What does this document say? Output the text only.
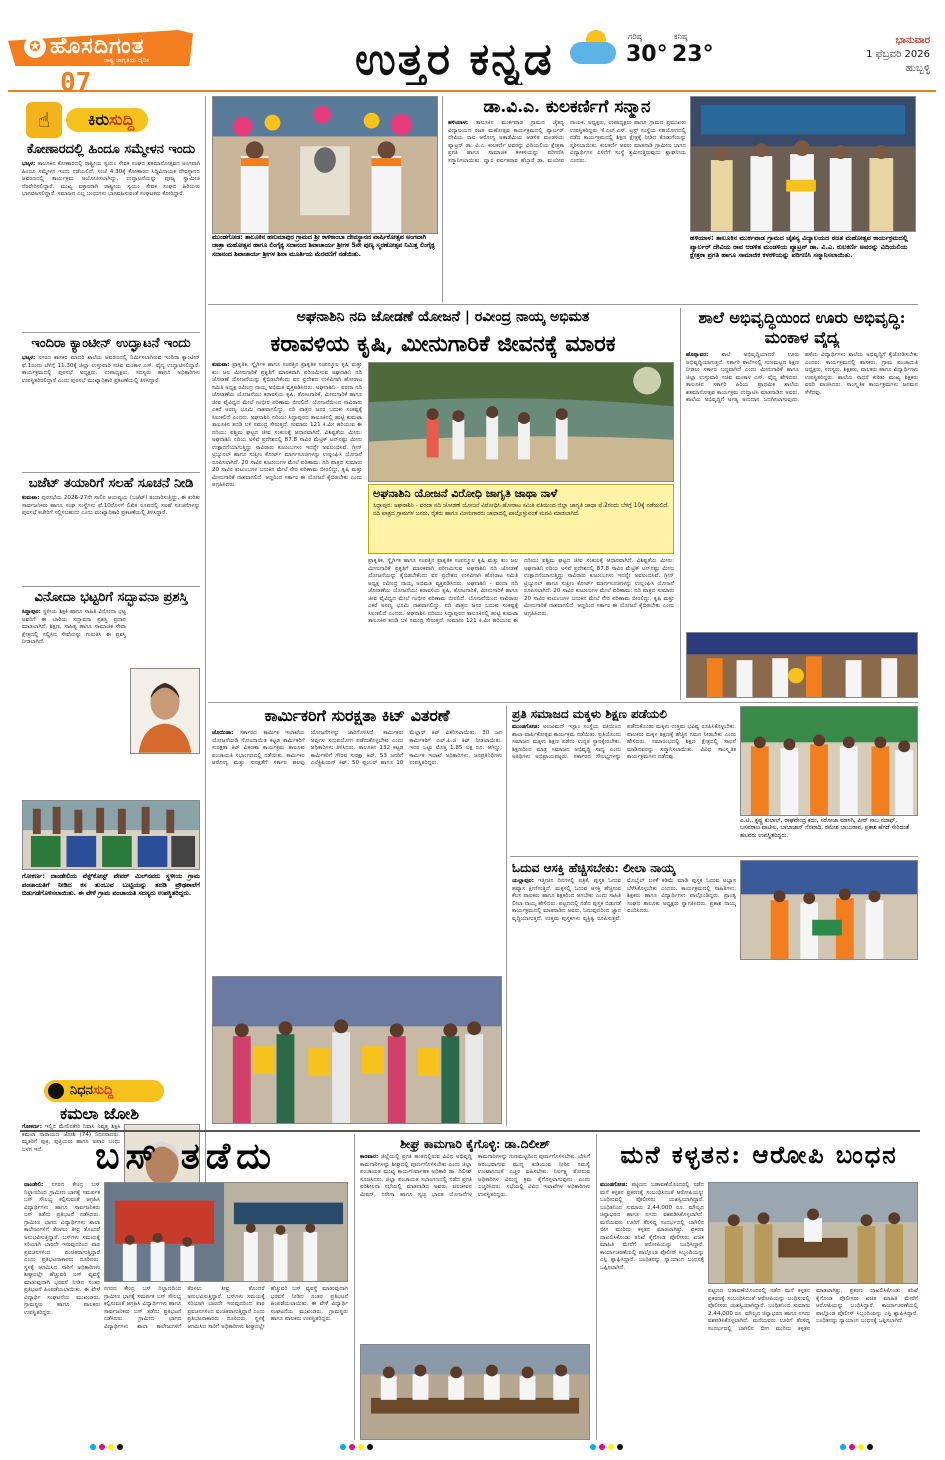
✪ ಹೊಸದಿಗಂತ
ರಾಷ್ಟ್ರ ಜಾಗೃತಿಯ ದೈನಿಕ
07	ಉತ್ತರ ಕನ್ನಡ	ಗರಿಷ್ಠ
30°
ಕನಿಷ್ಠ
23°
ಭಾನುವಾರ
1 ಫೆಬ್ರವರಿ 2026
ಹುಬ್ಬಳ್ಳಿ
☝	ಕಿರುಸುದ್ದಿ
ಕೋಣಾರದಲ್ಲಿ ಹಿಂದೂ ಸಮ್ಮೇಳನ ಇಂದು
ಭಟ್ಕಳ: ತಾಲೂಕಿನ ಕೋಣಾರದಲ್ಲಿ ರಾಷ್ಟ್ರೀಯ ಸ್ವಯಂ ಸೇವಕ ಸಂಘದ ಶತಮಾನೋತ್ಸವದ ಅಂಗವಾಗಿ ಹಿಂದೂ ಸಮ್ಮೇಳನ ಇಂದು ನಡೆಯಲಿದೆ. ಸಂಜೆ 4.30ಕ್ಕೆ ಕೋಣಾರದ ಸಿದ್ದಿವಿನಾಯಕ ದೇವಸ್ಥಾನದ ಆವರಣದಲ್ಲಿ ಕಾರ್ಯಕ್ರಮ ಆಯೋಜಿಸಲಾಗಿದ್ದು, ಉದ್ಘಾಟನೆಯನ್ನು ಪೂಜ್ಯ ಸ್ವಾಮೀಜಿ ನೆರವೇರಿಸಲಿದ್ದಾರೆ. ಮುಖ್ಯ ವಕ್ತಾರರಾಗಿ ರಾಷ್ಟ್ರೀಯ ಸ್ವಯಂ ಸೇವಕ ಸಂಘದ ಹಿರಿಯರು ಭಾಗವಹಿಸಲಿದ್ದಾರೆ. ಸಮಾಜದ ಎಲ್ಲ ಬಂಧುಗಳು ಭಾಗವಹಿಸುವಂತೆ ಸಂಘಟಕರು ಕೋರಿದ್ದಾರೆ.
ಇಂದಿರಾ ಕ್ಯಾಂಟೀನ್ ಉದ್ಘಾಟನೆ ಇಂದು
ಭಟ್ಕಳ: ನಗರದ ಶಾಸಕರ ಮಾದರಿ ಶಾಲೆಯ ಆವರಣದಲ್ಲಿ ನಿರ್ಮಿಸಲಾಗಿರುವ ಇಂದಿರಾ ಕ್ಯಾಂಟೀನ್ ಫೆ.1ರಂದು ಬೆಳಿಗ್ಗೆ 11.30ಕ್ಕೆ ಜಿಲ್ಲಾ ಉಸ್ತುವಾರಿ ಸಚಿವ ಮಂಕಾಳ ಎಸ್. ವೈದ್ಯ ಉದ್ಘಾಟಿಸಲಿದ್ದಾರೆ. ಕಾರ್ಯಕ್ರಮದಲ್ಲಿ ಪುರಸಭೆ ಅಧ್ಯಕ್ಷರು, ಉಪಾಧ್ಯಕ್ಷರು, ಸದಸ್ಯರು ಹಾಗೂ ಅಧಿಕಾರಿಗಳು ಉಪಸ್ಥಿತರಿರಲಿದ್ದಾರೆ ಎಂದು ಪುರಸಭೆ ಮುಖ್ಯಾಧಿಕಾರಿ ಪ್ರಕಟಣೆಯಲ್ಲಿ ತಿಳಿಸಿದ್ದಾರೆ.
ಬಜೆಟ್ ತಯಾರಿಗೆ ಸಲಹೆ ಸೂಚನೆ ನೀಡಿ
ಕುಮಟಾ: ಪುರಸಭೆಯ 2026-27ನೇ ಸಾಲಿನ ಆಯವ್ಯಯ (ಬಜೆಟ್) ತಯಾರಿಸುತ್ತಿದ್ದು, ಈ ಕುರಿತು ಸಾರ್ವಜನಿಕರು ಹಾಗೂ ಸಂಘ ಸಂಸ್ಥೆಗಳು ಫೆ.10ರೊಳಗೆ ಲಿಖಿತ ರೂಪದಲ್ಲಿ ಸಲಹೆ ಸೂಚನೆಗಳನ್ನು ಪುರಸಭೆ ಕಚೇರಿಗೆ ಸಲ್ಲಿಸಬಹುದು ಎಂದು ಮುಖ್ಯಾಧಿಕಾರಿ ಪ್ರಕಟಣೆಯಲ್ಲಿ ತಿಳಿಸಿದ್ದಾರೆ.
ವಿನೋದಾ ಭಟ್ಟರಿಗೆ ಸದ್ಭಾವನಾ ಪ್ರಶಸ್ತಿ
ಸಿದ್ದಾಪುರ: ಸ್ಥಳೀಯ ಶಿಕ್ಷಕಿ ಹಾಗೂ ಸಾಹಿತಿ ವಿನೋದಾ ಭಟ್ಟ ಅವರಿಗೆ ಈ ಬಾರಿಯ ಸದ್ಭಾವನಾ ಪ್ರಶಸ್ತಿ ಪ್ರದಾನ ಮಾಡಲಾಗಿದೆ. ಶಿಕ್ಷಣ, ಸಾಹಿತ್ಯ ಹಾಗೂ ಸಾಮಾಜಿಕ ಸೇವಾ ಕ್ಷೇತ್ರದಲ್ಲಿ ಸಲ್ಲಿಸಿದ ಸೇವೆಯನ್ನು ಗುರುತಿಸಿ ಈ ಪ್ರಶಸ್ತಿ ನೀಡಲಾಗಿದೆ.
ಗೋಕರ್ಣ: ದಾಂಡೇಲಿಯ ವೆಸ್ಟ್‌ಕೋಸ್ಟ್ ಪೇಪರ್ ಮಿಲ್‌ನವರು ಸ್ಥಳೀಯ ಗ್ರಾಮ ಪಂಚಾಯತಿಗೆ ನೀಡಿದ ಕಸ ತುಂಬುವ ಬುಟ್ಟಿಯನ್ನು ತದಡಿ ಪ್ರೌಢಶಾಲೆಗೆ ಬಿಡುಗಡೆಗೊಳಿಸಲಾಯಿತು. ಈ ವೇಳೆ ಗ್ರಾಮ ಪಂಚಾಯತಿ ಸದಸ್ಯರು ಉಪಸ್ಥಿತರಿದ್ದರು.
ನಿಧನಸುದ್ದಿ
ಕಮಲಾ ಜೋಶಿ
ಗೋಕರ್ಣ: ಇಲ್ಲಿನ ಮೇಲಿನಕೇರಿ ನಿವಾಸಿ ನಿವೃತ್ತ ಶಿಕ್ಷಕಿ ಕಮಲಾ ನಾರಾಯಣ ಜೋಶಿ (74) ನಿಧನರಾದರು. ಮೃತರಿಗೆ ಪುತ್ರ, ಪುತ್ರಿಯರು ಹಾಗೂ ಅಪಾರ ಬಂಧು ಬಳಗ ಇದೆ.
ಮುಂಡಗೋಡ: ತಾಲೂಕಿನ ಹನುಮಾಪುರ ಗ್ರಾಮದ ಶ್ರೀ ಕಾಳಿಕಾಂಬಾ ದೇವಸ್ಥಾನದ ವಾರ್ಷಿಕೋತ್ಸವ ಅಂಗವಾಗಿ ಜಾತ್ರಾ ಮಹೋತ್ಸವ ಹಾಗೂ ಲಿಂಗೈಕ್ಯ ಸದಾನಂದ ಶಿವಾಚಾರ್ಯ ಶ್ರೀಗಳ 5ನೇ ಪುಣ್ಯ ಸ್ಮರಣೋತ್ಸವ ನಿಮಿತ್ತ ಲಿಂಗೈಕ್ಯ ಸದಾನಂದ ಶಿವಾಚಾರ್ಯ ಶ್ರೀಗಳ ಶಿಲಾ ಮೂರ್ತಿಯ ಮೆರವಣಿಗೆ ನಡೆಯಿತು.
ಡಾ.ವಿ.ಎ. ಕುಲಕರ್ಣಿಗೆ ಸನ್ಮಾನ
ಹಳಿಯಾಳ: ತಾಲೂಕಿನ ಮುರ್ಕವಾಡ ಗ್ರಾಮದ ಚೈತನ್ಯ ವಿದ್ಯಾಲಯದ ರಜತ ಮಹೋತ್ಸವ ಕಾರ್ಯಕ್ರಮದಲ್ಲಿ ಪ್ಯಾರ್ಲರ್ ದೇವಿಯ ರಾವ ಆರೋಗ್ಯ ಅಕಾಡೆಮಿಯ ಆಡಳಿತ ಮಂಡಳಿಯ ಪ್ಯಾಟ್ರನ್ ಡಾ. ವಿ.ಎ. ಕುಲಕರ್ಣಿ ಅವರನ್ನು ವಿದಿಯಲಿಯ ಕ್ಷೇತ್ರಕಾ ಪ್ರಗತಿ ಹಾಗೂ ಸಾಮಾಜಿಕ ಕಳಕಳಿಯನ್ನು ಪರಿಗಣಿಸಿ ಸನ್ಮಾನಿಸಲಾಯಿತು. ದ್ವಾರ ಪರ್ವತರಾವ ಹೆಬ್ಬಾರೆ ಡಾ. ಮಂದೀಪ ನಾಯಕ, ಅಧ್ಯಕ್ಷರು, ಉಪಾಧ್ಯಕ್ಷರು ಹಾಗೂ ಗ್ರಾಮದ ಪ್ರಮುಖರು ಉಪಸ್ಥಿತರಿದ್ದರು. ಕೆ.ಎಲ್.ಎಸ್. ಟ್ರಸ್ಟ್ ಸಂಸ್ಥೆಯ ಸಹಯೋಗದಲ್ಲಿ ನಡೆದ ಕಾರ್ಯಕ್ರಮದಲ್ಲಿ ಶಿಕ್ಷಣ ಕ್ಷೇತ್ರಕ್ಕೆ ನೀಡಿದ ಕೊಡುಗೆಯನ್ನು ಸ್ಮರಿಸಲಾಯಿತು. ಕುಲಕರ್ಣಿ ಅವರು ಮಾತನಾಡಿ ಗ್ರಾಮೀಣ ಭಾಗದ ವಿದ್ಯಾರ್ಥಿಗಳ ಏಳಿಗೆಗೆ ಸಂಸ್ಥೆ ಶ್ರಮಿಸುತ್ತಿರುವುದು ಶ್ಲಾಘನೀಯ ಎಂದರು.
ಹಳಿಯಾಳ: ತಾಲೂಕಿನ ಮುರ್ಕವಾಡ ಗ್ರಾಮದ ಚೈತನ್ಯ ವಿದ್ಯಾಲಯದ ರಜತ ಮಹೋತ್ಸವ ಕಾರ್ಯಕ್ರಮದಲ್ಲಿ ಪ್ಯಾರ್ಲರ್ ದೇವಿಯ ರಾವ ಆಡಳಿತ ಮಂಡಳಿಯ ಪ್ಯಾಟ್ರನ್ ಡಾ. ವಿ.ಎ. ಕುಲಕರ್ಣಿ ಅವರನ್ನು ವಿದಿಯಲಿಯ ಕ್ಷೇತ್ರಕಾ ಪ್ರಗತಿ ಹಾಗೂ ಸಾಮಾಜಿಕ ಕಳಕಳಿಯನ್ನು ಪರಿಗಣಿಸಿ ಸನ್ಮಾನಿಸಲಾಯಿತು.
ಅಘನಾಶಿನಿ ನದಿ ಜೋಡಣೆ ಯೋಜನೆ | ರವೀಂದ್ರ ನಾಯ್ಕ ಅಭಿಮತ
ಕರಾವಳಿಯ ಕೃಷಿ, ಮೀನುಗಾರಿಕೆ ಜೀವನಕ್ಕೆ ಮಾರಕ
ಕುಮಟಾ: ಪ್ರಾಕೃತಿಕ, ಸ್ನೈರ್ಗಿಕ ಹಾಗೂ ಸಂಪತ್ತಿನ ಪ್ರಾಕೃತಿಕ ಸಂಪನ್ಮೂಲ ಕೃಷಿ ಮತ್ತು ಕುಂ ಜಲ ಮೀನುಗಾರಿಕೆ ಪ್ರಕೃತಿಗೆ ಮಾರಕವಾಗಿ ಪರಿಣಮಿಸುವ ಅಘನಾಶಿನಿ ನದಿ ಜೋಡಣೆ ಯೋಜನೆಯನ್ನು ಕೈಬಿಡಬೇಕೆಂದು ವನ ಪ್ರದೇಶದ ಉಳಿವಿಗಾಗಿ ಹೋರಾಟ ಸಮಿತಿ ಅಧ್ಯಕ್ಷ ರವೀಂದ್ರ ನಾಯ್ಕ ಅಭಿಮತ ವ್ಯಕ್ತಪಡಿಸಿದರು. ಅಘನಾಶಿನಿ - ವರದಾ ನದಿ ಜೋಡಣೆಯ ಯೋಜನೆಯು ಕರಾವಳಿಯ ಕೃಷಿ, ತೋಟಗಾರಿಕೆ, ಮೀನುಗಾರಿಕೆ ಹಾಗೂ ಜೀವ ವೈವಿಧ್ಯದ ಮೇಲೆ ಗಂಭೀರ ಪರಿಣಾಮ ಬೀರಲಿದೆ. ಯೋಜನೆಯಿಂದ ಸಾವಿರಾರು ಎಕರೆ ಅರಣ್ಯ ಭೂಮಿ ನಾಶವಾಗಲಿದ್ದು, ನದಿ ಪಾತ್ರದ ಜನರ ಬದುಕು ಸಂಕಷ್ಟಕ್ಕೆ ಸಿಲುಕಲಿದೆ ಎಂದರು. ಅಘನಾಶಿನಿ ನದಿಯು ಸಿದ್ದಾಪುರದ ತಾಲೂಕಿನಲ್ಲಿ ಹುಟ್ಟಿ ಕುಮಟಾ ತಾಲೂಕಿನ ತದಡಿ ಬಳಿ ಸಮುದ್ರ ಸೇರುತ್ತದೆ. ಸುಮಾರು 121 ಕಿ.ಮೀ ಹರಿಯುವ ಈ ನದಿಯು ಪಶ್ಚಿಮ ಘಟ್ಟದ ಜೀವ ಸಂಕುಲಕ್ಕೆ ಆಧಾರವಾಗಿದೆ. ವಿಶಿಷ್ಟತೆಯ ಮೀನು: ಅಘನಾಶಿನಿ ನದಿಯ ಅಳಿವೆ ಪ್ರದೇಶದಲ್ಲಿ 87.8 ಸಾವಿರ ಮೆಟ್ರಿಕ್ ಟನ್‌ನಷ್ಟು ಮೀನು ಉತ್ಪಾದನೆಯಾಗುತ್ತಿದ್ದು ಸಾವಿರಾರು ಕುಟುಂಬಗಳು ಇದನ್ನೇ ಅವಲಂಬಿಸಿವೆ. ಗ್ರೀನ್ ಟ್ರಿಬ್ಯುನಲ್ ಹಾಗೂ ಸುಪ್ರೀಂ ಕೋರ್ಟ್ ಮಾರ್ಗಸೂಚಿಗಳನ್ನು ಉಲ್ಲಂಘಿಸಿ ಯೋಜನೆ ರೂಪಿಸಲಾಗಿದೆ. 20 ಸಾವಿರ ಕುಟುಂಬಗಳ ಮೇಲೆ ಪರಿಣಾಮ: ನದಿ ಪಾತ್ರದ ಸುಮಾರು 20 ಸಾವಿರ ಕುಟುಂಬಗಳ ಬದುಕಿನ ಮೇಲೆ ನೇರ ಪರಿಣಾಮ ಬೀರಲಿದ್ದು, ಕೃಷಿ ಮತ್ತು ಮೀನುಗಾರಿಕೆ ನಾಶವಾಗಲಿದೆ. ಆದ್ದರಿಂದ ಸರ್ಕಾರ ಈ ಯೋಜನೆ ಕೈಬಿಡಬೇಕು ಎಂದು ಆಗ್ರಹಿಸಿದರು.
ಅಘನಾಶಿನಿ ಯೋಜನೆ ವಿರೋಧಿ ಜಾಗೃತಿ ಜಾಥಾ ನಾಳೆ
ಸಿದ್ದಾಪುರ: ಅಘನಾಶಿನಿ - ವರದಾ ನದಿ ಜೋಡಣೆ ಯೋಜನೆ ವಿರೋಧಿಸಿ ಹೋರಾಟ ಸಮಿತಿ ವತಿಯಿಂದ ಜಿಲ್ಲಾ ಜಾಗೃತಿ ಜಾಥಾ ಫೆ.2ರಂದು ಬೆಳಿಗ್ಗೆ 10ಕ್ಕೆ ನಡೆಯಲಿದೆ. ನದಿ ಪಾತ್ರದ ಗ್ರಾಮಗಳ ಜನರು, ರೈತರು ಹಾಗೂ ಮೀನುಗಾರರು ಜಾಥಾದಲ್ಲಿ ಪಾಲ್ಗೊಳ್ಳುವಂತೆ ಮನವಿ ಮಾಡಲಾಗಿದೆ.
ಪ್ರಾಕೃತಿಕ, ಸ್ನೈರ್ಗಿಕ ಹಾಗೂ ಸಂಪತ್ತಿನ ಪ್ರಾಕೃತಿಕ ಸಂಪನ್ಮೂಲ ಕೃಷಿ ಮತ್ತು ಕುಂ ಜಲ ಮೀನುಗಾರಿಕೆ ಪ್ರಕೃತಿಗೆ ಮಾರಕವಾಗಿ ಪರಿಣಮಿಸುವ ಅಘನಾಶಿನಿ ನದಿ ಜೋಡಣೆ ಯೋಜನೆಯನ್ನು ಕೈಬಿಡಬೇಕೆಂದು ವನ ಪ್ರದೇಶದ ಉಳಿವಿಗಾಗಿ ಹೋರಾಟ ಸಮಿತಿ ಅಧ್ಯಕ್ಷ ರವೀಂದ್ರ ನಾಯ್ಕ ಅಭಿಮತ ವ್ಯಕ್ತಪಡಿಸಿದರು. ಅಘನಾಶಿನಿ - ವರದಾ ನದಿ ಜೋಡಣೆಯ ಯೋಜನೆಯು ಕರಾವಳಿಯ ಕೃಷಿ, ತೋಟಗಾರಿಕೆ, ಮೀನುಗಾರಿಕೆ ಹಾಗೂ ಜೀವ ವೈವಿಧ್ಯದ ಮೇಲೆ ಗಂಭೀರ ಪರಿಣಾಮ ಬೀರಲಿದೆ. ಯೋಜನೆಯಿಂದ ಸಾವಿರಾರು ಎಕರೆ ಅರಣ್ಯ ಭೂಮಿ ನಾಶವಾಗಲಿದ್ದು, ನದಿ ಪಾತ್ರದ ಜನರ ಬದುಕು ಸಂಕಷ್ಟಕ್ಕೆ ಸಿಲುಕಲಿದೆ ಎಂದರು. ಅಘನಾಶಿನಿ ನದಿಯು ಸಿದ್ದಾಪುರದ ತಾಲೂಕಿನಲ್ಲಿ ಹುಟ್ಟಿ ಕುಮಟಾ ತಾಲೂಕಿನ ತದಡಿ ಬಳಿ ಸಮುದ್ರ ಸೇರುತ್ತದೆ. ಸುಮಾರು 121 ಕಿ.ಮೀ ಹರಿಯುವ ಈ ನದಿಯು ಪಶ್ಚಿಮ ಘಟ್ಟದ ಜೀವ ಸಂಕುಲಕ್ಕೆ ಆಧಾರವಾಗಿದೆ. ವಿಶಿಷ್ಟತೆಯ ಮೀನು: ಅಘನಾಶಿನಿ ನದಿಯ ಅಳಿವೆ ಪ್ರದೇಶದಲ್ಲಿ 87.8 ಸಾವಿರ ಮೆಟ್ರಿಕ್ ಟನ್‌ನಷ್ಟು ಮೀನು ಉತ್ಪಾದನೆಯಾಗುತ್ತಿದ್ದು ಸಾವಿರಾರು ಕುಟುಂಬಗಳು ಇದನ್ನೇ ಅವಲಂಬಿಸಿವೆ. ಗ್ರೀನ್ ಟ್ರಿಬ್ಯುನಲ್ ಹಾಗೂ ಸುಪ್ರೀಂ ಕೋರ್ಟ್ ಮಾರ್ಗಸೂಚಿಗಳನ್ನು ಉಲ್ಲಂಘಿಸಿ ಯೋಜನೆ ರೂಪಿಸಲಾಗಿದೆ. 20 ಸಾವಿರ ಕುಟುಂಬಗಳ ಮೇಲೆ ಪರಿಣಾಮ: ನದಿ ಪಾತ್ರದ ಸುಮಾರು 20 ಸಾವಿರ ಕುಟುಂಬಗಳ ಬದುಕಿನ ಮೇಲೆ ನೇರ ಪರಿಣಾಮ ಬೀರಲಿದ್ದು, ಕೃಷಿ ಮತ್ತು ಮೀನುಗಾರಿಕೆ ನಾಶವಾಗಲಿದೆ. ಆದ್ದರಿಂದ ಸರ್ಕಾರ ಈ ಯೋಜನೆ ಕೈಬಿಡಬೇಕು ಎಂದು ಆಗ್ರಹಿಸಿದರು.
ಶಾಲೆ ಅಭಿವೃದ್ಧಿಯಿಂದ ಊರು ಅಭಿವೃದ್ಧಿ: ಮಂಕಾಳ ವೈದ್ಯ
ಹೊನ್ನಾವರ: ಶಾಲೆ ಅಭಿವೃದ್ಧಿಯಾದರೆ ಊರು ಅಭಿವೃದ್ಧಿಯಾಗುತ್ತದೆ. ಸರ್ಕಾರಿ ಶಾಲೆಗಳಲ್ಲಿ ಗುಣಮಟ್ಟದ ಶಿಕ್ಷಣ ನೀಡಲು ಸರ್ಕಾರ ಬದ್ಧವಾಗಿದೆ ಎಂದು ಮೀನುಗಾರಿಕೆ ಹಾಗೂ ಜಿಲ್ಲಾ ಉಸ್ತುವಾರಿ ಸಚಿವ ಮಂಕಾಳ ಎಸ್. ವೈದ್ಯ ಹೇಳಿದರು. ತಾಲೂಕಿನ ಸರ್ಕಾರಿ ಹಿರಿಯ ಪ್ರಾಥಮಿಕ ಶಾಲೆಯ ಶತಮಾನೋತ್ಸವ ಕಾರ್ಯಕ್ರಮ ಉದ್ಘಾಟಿಸಿ ಮಾತನಾಡಿದ ಅವರು, ಶಾಲೆಯ ಅಭಿವೃದ್ಧಿಗೆ ಅಗತ್ಯ ಅನುದಾನ ಒದಗಿಸಲಾಗುವುದು. ಹಳೆಯ ವಿದ್ಯಾರ್ಥಿಗಳು ಶಾಲೆಯ ಅಭಿವೃದ್ಧಿಗೆ ಕೈಜೋಡಿಸಬೇಕು ಎಂದರು. ಕಾರ್ಯಕ್ರಮದಲ್ಲಿ ಶಾಸಕರು, ಗ್ರಾಮ ಪಂಚಾಯತಿ ಅಧ್ಯಕ್ಷರು, ಸದಸ್ಯರು, ಶಿಕ್ಷಕರು, ಪಾಲಕರು ಹಾಗೂ ವಿದ್ಯಾರ್ಥಿಗಳು ಉಪಸ್ಥಿತರಿದ್ದರು. ಶಾಲೆಯ ಸಾಧನೆ ಕುರಿತು ಮುಖ್ಯ ಶಿಕ್ಷಕರು ವರದಿ ವಾಚಿಸಿದರು. ಸಾಂಸ್ಕೃತಿಕ ಕಾರ್ಯಕ್ರಮಗಳು ಜನಮನ ಸೆಳೆದವು.
ಕಾರ್ಮಿಕರಿಗೆ ಸುರಕ್ಷತಾ ಕಿಟ್ ವಿತರಣೆ
ಜೊಯಿಡಾ: ಸರ್ಕಾರದ ಕಾರ್ಮಿಕ ಇಲಾಖೆಯ ಯೋಜನೆಯಡಿ ನೋಂದಾಯಿತ ಕಟ್ಟಡ ಕಾರ್ಮಿಕರಿಗೆ ಸುರಕ್ಷತಾ ಕಿಟ್ ವಿತರಣಾ ಕಾರ್ಯಕ್ರಮ ತಾಲೂಕು ಪಂಚಾಯತಿ ಸಭಾಂಗಣದಲ್ಲಿ ನಡೆಯಿತು. ಕಾರ್ಮಿಕರ ಆರೋಗ್ಯ ಮತ್ತು ಸುರಕ್ಷತೆಗೆ ಸರ್ಕಾರ ಹಲವು ಯೋಜನೆಗಳನ್ನು ಜಾರಿಗೊಳಿಸಿದೆ. ಕಾರ್ಮಿಕರು ಅವುಗಳ ಸದುಪಯೋಗ ಪಡೆದುಕೊಳ್ಳಬೇಕು ಎಂದು ಅಧಿಕಾರಿಗಳು ತಿಳಿಸಿದರು. ತಾಲೂಕಿನ 132 ಕಟ್ಟಡ ಕಾರ್ಮಿಕರಿಗೆ ಗೌರವ ಸುರಕ್ಷಾ ಕಿಟ್, 53 ಜನರಿಗೆ ಎಲೆಕ್ಟ್ರಿಷಿಯನ್ ಕಿಟ್, 50 ಪ್ಲಂಬರ್ ಹಾಗೂ 10 ಮೆಲ್ಲಾರ್ ಕಿಟ್ ವಿತರಿಸಲಾಯಿತು. 30 ಜನ ಕಾರ್ಮಿಕರಿಗೆ ಎಲ್.ಪಿ.ಜಿ ಕಿಟ್ ನೀಡಲಾಯಿತು. ಇದರ ಒಟ್ಟು ಮೊತ್ತ 1.85 ಲಕ್ಷ ರೂ. ಆಗಿದ್ದು, ಕಾರ್ಮಿಕ ಇಲಾಖೆ ಅಧಿಕಾರಿಗಳು, ಜನಪ್ರತಿನಿಧಿಗಳು ಉಪಸ್ಥಿತರಿದ್ದರು.
ಪ್ರತಿ ಸಮಾಜದ ಮಕ್ಕಳು ಶಿಕ್ಷಣ ಪಡೆಯಲಿ
ಮುಂಡಗೋಡ: ಅಂಜುಮನ್ ಇಸ್ಲಾಂ ಸಂಸ್ಥೆಯ ವತಿಯಿಂದ ಶಾಲಾ ವಾರ್ಷಿಕೋತ್ಸವ ಕಾರ್ಯಕ್ರಮ ನಡೆಯಿತು. ಪ್ರತಿಯೊಂದು ಸಮಾಜದ ಮಕ್ಕಳು ಶಿಕ್ಷಣ ಪಡೆದು ಉನ್ನತ ಸ್ಥಾನಕ್ಕೇರಬೇಕು. ಶಿಕ್ಷಣದಿಂದ ಮಾತ್ರ ಸಮಾಜದ ಅಭಿವೃದ್ಧಿ ಸಾಧ್ಯ ಎಂದು ಅತಿಥಿಗಳು ಅಭಿಪ್ರಾಯಪಟ್ಟರು. ಸರ್ಕಾರದ ಸೌಲಭ್ಯಗಳನ್ನು ಪಡೆದುಕೊಂಡು ಮಕ್ಕಳು ಉತ್ತಮ ಭವಿಷ್ಯ ರೂಪಿಸಿಕೊಳ್ಳಬೇಕು. ಪಾಲಕರು ಮಕ್ಕಳ ಶಿಕ್ಷಣಕ್ಕೆ ಹೆಚ್ಚಿನ ಗಮನ ನೀಡಬೇಕು ಎಂದು ಹೇಳಿದರು. ಸಮಾರಂಭದಲ್ಲಿ ಶಿಕ್ಷಣ ಕ್ಷೇತ್ರದಲ್ಲಿ ಸಾಧನೆ ಮಾಡಿದವರನ್ನು ಸನ್ಮಾನಿಸಲಾಯಿತು. ವಿವಿಧ ಸಾಂಸ್ಕೃತಿಕ ಕಾರ್ಯಕ್ರಮಗಳು ನಡೆದವು.
ಎ.ಟಿ., ಕೃಷ್ಣ ಕುಲಾಲ್, ರಾಘವೇಂದ್ರ ಕದಂ, ಸರೋಜಾ ಮಾಳಗಿ, ಪೀರ್ ಸಾಬ ನದಾಫ್, ಬಸವರಾಜ ಪಾಟೀಲ, ಬಾಬಾಜಾನ್ ನೆರವಾದಿ, ರಮೇಶ ಬಾಬುರಾವ, ಪ್ರಕಾಶ ಹೆಗಡೆ ಸೇರಿದಂತೆ ಹಲವರು ಉಪಸ್ಥಿತರಿದ್ದರು.
ಓದುವ ಆಸಕ್ತಿ ಹೆಚ್ಚಿಸಬೇಕು: ಲೀಲಾ ನಾಯ್ಕ
ಯಲ್ಲಾಪುರ: ಇತ್ತೀಚಿನ ದಿನಗಳಲ್ಲಿ ಪತ್ರಿಕೆ, ಪುಸ್ತಕ ಓದುವ ಹವ್ಯಾಸ ಕ್ಷೀಣಿಸುತ್ತಿದೆ. ಮಕ್ಕಳಲ್ಲಿ ಓದುವ ಆಸಕ್ತಿ ಹೆಚ್ಚಿಸುವ ಕೆಲಸ ಪಾಲಕರು ಹಾಗೂ ಶಿಕ್ಷಕರಿಂದ ಆಗಬೇಕು ಎಂದು ಸಾಹಿತಿ ಲೀಲಾ ನಾಯ್ಕ ಹೇಳಿದರು. ಪಟ್ಟಣದಲ್ಲಿ ನಡೆದ ಪುಸ್ತಕ ಬಿಡುಗಡೆ ಕಾರ್ಯಕ್ರಮದಲ್ಲಿ ಮಾತನಾಡಿದ ಅವರು, ಓದುವುದರಿಂದ ಜ್ಞಾನ ವೃದ್ಧಿಯಾಗುತ್ತದೆ. ಉತ್ತಮ ಪುಸ್ತಕಗಳು ವ್ಯಕ್ತಿತ್ವ ರೂಪಿಸುತ್ತವೆ. ಮೊಬೈಲ್ ಬಳಕೆ ಕಡಿಮೆ ಮಾಡಿ ಪುಸ್ತಕ ಓದುವ ಅಭ್ಯಾಸ ಬೆಳೆಸಿಕೊಳ್ಳಬೇಕು ಎಂದರು. ಕಾರ್ಯಕ್ರಮದಲ್ಲಿ ಸಾಹಿತಿಗಳು, ಶಿಕ್ಷಕರು ಹಾಗೂ ವಿದ್ಯಾರ್ಥಿಗಳು ಪಾಲ್ಗೊಂಡಿದ್ದರು. ಪ್ರಾಂತ್ಯ ಸಂಘದ ತಾಲೂಕು ಅಧ್ಯಕ್ಷರು ಸ್ವಾಗತಿಸಿದರು. ಪ್ರಕಾಶ ನಾಯ್ಕ ವಂದಿಸಿದರು.
ಬಸ್ ತಡೆದು
ದಾಂಡೇಲಿ: ನಗರದ ಕೇಂದ್ರ ಬಸ್ ನಿಲ್ದಾಣದಿಂದ ಗ್ರಾಮೀಣ ಭಾಗಕ್ಕೆ ಸಮರ್ಪಕ ಬಸ್ ಸೌಲಭ್ಯ ಕಲ್ಪಿಸುವಂತೆ ಆಗ್ರಹಿಸಿ ವಿದ್ಯಾರ್ಥಿಗಳು ಹಾಗೂ ಸಾರ್ವಜನಿಕರು ಬಸ್ ತಡೆದು ಪ್ರತಿಭಟನೆ ನಡೆಸಿದರು. ಗ್ರಾಮೀಣ ಭಾಗದ ವಿದ್ಯಾರ್ಥಿಗಳು ಶಾಲಾ ಕಾಲೇಜುಗಳಿಗೆ ತೆರಳಲು ತೀವ್ರ ತೊಂದರೆ ಅನುಭವಿಸುತ್ತಿದ್ದಾರೆ. ಬಸ್‌ಗಳು ಸಮಯಕ್ಕೆ ಸರಿಯಾಗಿ ಬಾರದೇ ಇರುವುದರಿಂದ ಪಾಠ ಪ್ರವಚನಗಳಿಂದ ವಂಚಿತರಾಗುತ್ತಿದ್ದಾರೆ ಎಂದು ಪ್ರತಿಭಟನಾಕಾರರು ದೂರಿದರು. ಸ್ಥಳಕ್ಕೆ ಆಗಮಿಸಿದ ಸಾರಿಗೆ ಅಧಿಕಾರಿಗಳು ಶೀಘ್ರದಲ್ಲೇ ಹೆಚ್ಚುವರಿ ಬಸ್ ವ್ಯವಸ್ಥೆ ಮಾಡುವುದಾಗಿ ಭರವಸೆ ನೀಡಿದ ನಂತರ ಪ್ರತಿಭಟನೆ ಹಿಂಪಡೆಯಲಾಯಿತು. ಈ ವೇಳೆ ವಿದ್ಯಾರ್ಥಿ ಸಂಘಟನೆಯ ಮುಖಂಡರು, ಗ್ರಾಮಸ್ಥರು ಹಾಗೂ ಪಾಲಕರು ಉಪಸ್ಥಿತರಿದ್ದರು.
ನಗರದ ಕೇಂದ್ರ ಬಸ್ ನಿಲ್ದಾಣದಿಂದ ಗ್ರಾಮೀಣ ಭಾಗಕ್ಕೆ ಸಮರ್ಪಕ ಬಸ್ ಸೌಲಭ್ಯ ಕಲ್ಪಿಸುವಂತೆ ಆಗ್ರಹಿಸಿ ವಿದ್ಯಾರ್ಥಿಗಳು ಹಾಗೂ ಸಾರ್ವಜನಿಕರು ಬಸ್ ತಡೆದು ಪ್ರತಿಭಟನೆ ನಡೆಸಿದರು. ಗ್ರಾಮೀಣ ಭಾಗದ ವಿದ್ಯಾರ್ಥಿಗಳು ಶಾಲಾ ಕಾಲೇಜುಗಳಿಗೆ ತೆರಳಲು ತೀವ್ರ ತೊಂದರೆ ಅನುಭವಿಸುತ್ತಿದ್ದಾರೆ. ಬಸ್‌ಗಳು ಸಮಯಕ್ಕೆ ಸರಿಯಾಗಿ ಬಾರದೇ ಇರುವುದರಿಂದ ಪಾಠ ಪ್ರವಚನಗಳಿಂದ ವಂಚಿತರಾಗುತ್ತಿದ್ದಾರೆ ಎಂದು ಪ್ರತಿಭಟನಾಕಾರರು ದೂರಿದರು. ಸ್ಥಳಕ್ಕೆ ಆಗಮಿಸಿದ ಸಾರಿಗೆ ಅಧಿಕಾರಿಗಳು ಶೀಘ್ರದಲ್ಲೇ ಹೆಚ್ಚುವರಿ ಬಸ್ ವ್ಯವಸ್ಥೆ ಮಾಡುವುದಾಗಿ ಭರವಸೆ ನೀಡಿದ ನಂತರ ಪ್ರತಿಭಟನೆ ಹಿಂಪಡೆಯಲಾಯಿತು. ಈ ವೇಳೆ ವಿದ್ಯಾರ್ಥಿ ಸಂಘಟನೆಯ ಮುಖಂಡರು, ಗ್ರಾಮಸ್ಥರು ಹಾಗೂ ಪಾಲಕರು ಉಪಸ್ಥಿತರಿದ್ದರು.
ಶೀಘ್ರ ಕಾಮಗಾರಿ ಕೈಗೊಳ್ಳಿ: ಡಾ.ದಿಲೀಶ್
ಕಾರವಾರ: ಜಿಲ್ಲೆಯಲ್ಲಿ ಪ್ರಗತಿ ಹಂತದಲ್ಲಿರುವ ವಿವಿಧ ಅಭಿವೃದ್ಧಿ ಕಾಮಗಾರಿಗಳನ್ನು ಶೀಘ್ರದಲ್ಲಿ ಪೂರ್ಣಗೊಳಿಸಬೇಕು ಎಂದು ಜಿಲ್ಲಾ ಪಂಚಾಯತ ಮುಖ್ಯ ಕಾರ್ಯನಿರ್ವಾಹಕ ಅಧಿಕಾರಿ ಡಾ. ದಿಲೀಶ್ ಸೂಚಿಸಿದರು. ಜಿಲ್ಲಾ ಪಂಚಾಯತ ಸಭಾಂಗಣದಲ್ಲಿ ನಡೆದ ಪ್ರಗತಿ ಪರಿಶೀಲನಾ ಸಭೆಯಲ್ಲಿ ಮಾತನಾಡಿದ ಅವರು, ಜಲಜೀವನ ಮಿಷನ್, ನರೇಗಾ ಹಾಗೂ ಸ್ವಚ್ಛ ಭಾರತ ಯೋಜನೆಗಳ ಕಾಮಗಾರಿಗಳನ್ನು ಗುಣಮಟ್ಟದಿಂದ ಪೂರ್ಣಗೊಳಿಸಬೇಕು. ಬೇಸಿಗೆ ಆರಂಭವಾಗುವ ಮುನ್ನ ಕುಡಿಯುವ ನೀರಿನ ಸಮಸ್ಯೆ ಉಂಟಾಗದಂತೆ ಎಚ್ಚರ ವಹಿಸಬೇಕು. ನಿರ್ಲಕ್ಷ್ಯ ತೋರುವ ಅಧಿಕಾರಿಗಳ ವಿರುದ್ಧ ಕ್ರಮ ಕೈಗೊಳ್ಳಲಾಗುವುದು ಎಂದು ಎಚ್ಚರಿಸಿದರು. ಸಭೆಯಲ್ಲಿ ವಿವಿಧ ಇಲಾಖೆಗಳ ಅಧಿಕಾರಿಗಳು ಉಪಸ್ಥಿತರಿದ್ದರು.
ಮನೆ ಕಳ್ಳತನ: ಆರೋಪಿ ಬಂಧನ
ಮುಂಡಗೋಡ: ಪಟ್ಟಣದ ಬಡಾವಣೆಯೊಂದರಲ್ಲಿ ನಡೆದ ಮನೆ ಕಳ್ಳತನ ಪ್ರಕರಣಕ್ಕೆ ಸಂಬಂಧಿಸಿದಂತೆ ಆರೋಪಿಯನ್ನು ಬಂಧಿಸುವಲ್ಲಿ ಪೊಲೀಸರು ಯಶಸ್ವಿಯಾಗಿದ್ದಾರೆ. ಬಂಧಿತನಿಂದ ಸುಮಾರು 2,44,000 ರೂ. ಮೌಲ್ಯದ ಚಿನ್ನಾಭರಣ ಹಾಗೂ ನಗದು ವಶಪಡಿಸಿಕೊಳ್ಳಲಾಗಿದೆ. ಮನೆಯವರು ಊರಿಗೆ ತೆರಳಿದ್ದ ಸಂದರ್ಭದಲ್ಲಿ ಬಾಗಿಲಿನ ಬೀಗ ಮುರಿದು ಕಳ್ಳತನ ಮಾಡಲಾಗಿತ್ತು. ಪ್ರಕರಣ ದಾಖಲಿಸಿಕೊಂಡು ತನಿಖೆ ಕೈಗೊಂಡ ಪೊಲೀಸರು ಖಚಿತ ಮಾಹಿತಿ ಮೇರೆಗೆ ಆರೋಪಿಯನ್ನು ಬಂಧಿಸಿದ್ದಾರೆ. ಕಾರ್ಯಾಚರಣೆಯಲ್ಲಿ ಪಾಲ್ಗೊಂಡ ಪೊಲೀಸ್ ಸಿಬ್ಬಂದಿಯನ್ನು ಎಸ್ಪಿ ಶ್ಲಾಘಿಸಿದ್ದಾರೆ. ಬಂಧಿತನನ್ನು ನ್ಯಾಯಾಂಗ ಬಂಧನಕ್ಕೆ ಒಪ್ಪಿಸಲಾಗಿದೆ.
ಪಟ್ಟಣದ ಬಡಾವಣೆಯೊಂದರಲ್ಲಿ ನಡೆದ ಮನೆ ಕಳ್ಳತನ ಪ್ರಕರಣಕ್ಕೆ ಸಂಬಂಧಿಸಿದಂತೆ ಆರೋಪಿಯನ್ನು ಬಂಧಿಸುವಲ್ಲಿ ಪೊಲೀಸರು ಯಶಸ್ವಿಯಾಗಿದ್ದಾರೆ. ಬಂಧಿತನಿಂದ ಸುಮಾರು 2,44,000 ರೂ. ಮೌಲ್ಯದ ಚಿನ್ನಾಭರಣ ಹಾಗೂ ನಗದು ವಶಪಡಿಸಿಕೊಳ್ಳಲಾಗಿದೆ. ಮನೆಯವರು ಊರಿಗೆ ತೆರಳಿದ್ದ ಸಂದರ್ಭದಲ್ಲಿ ಬಾಗಿಲಿನ ಬೀಗ ಮುರಿದು ಕಳ್ಳತನ ಮಾಡಲಾಗಿತ್ತು. ಪ್ರಕರಣ ದಾಖಲಿಸಿಕೊಂಡು ತನಿಖೆ ಕೈಗೊಂಡ ಪೊಲೀಸರು ಖಚಿತ ಮಾಹಿತಿ ಮೇರೆಗೆ ಆರೋಪಿಯನ್ನು ಬಂಧಿಸಿದ್ದಾರೆ. ಕಾರ್ಯಾಚರಣೆಯಲ್ಲಿ ಪಾಲ್ಗೊಂಡ ಪೊಲೀಸ್ ಸಿಬ್ಬಂದಿಯನ್ನು ಎಸ್ಪಿ ಶ್ಲಾಘಿಸಿದ್ದಾರೆ. ಬಂಧಿತನನ್ನು ನ್ಯಾಯಾಂಗ ಬಂಧನಕ್ಕೆ ಒಪ್ಪಿಸಲಾಗಿದೆ.
